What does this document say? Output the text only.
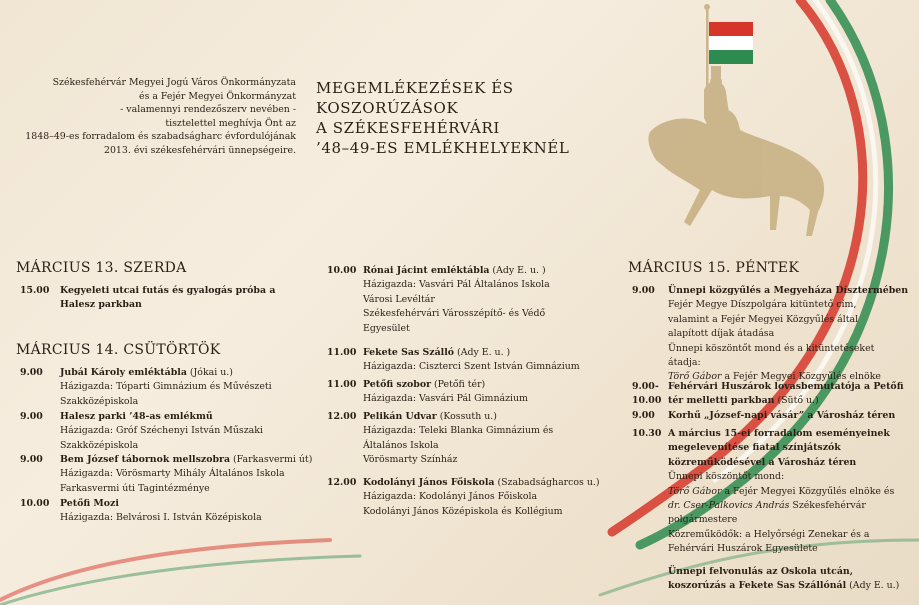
Székesfehérvár Megyei Jogú Város Önkormányzata
és a Fejér Megyei Önkormányzat
- valamennyi rendezőszerv nevében -
tisztelettel meghívja Önt az
1848–49-es forradalom és szabadságharc évfordulójának
2013. évi székesfehérvári ünnepségeire.
MEGEMLÉKEZÉSEK ÉS
KOSZORÚZÁSOK
A SZÉKESFEHÉRVÁRI
’48–49-ES EMLÉKHELYEKNÉL
MÁRCIUS 13. SZERDA
15.00 Kegyeleti utcai futás és gyalogás próba a
Halesz parkban
MÁRCIUS 14. CSÜTÖRTÖK
9.00 Jubál Károly emléktábla (Jókai u.)
Házigazda: Tóparti Gimnázium és Művészeti
Szakközépiskola
9.00 Halesz parki ’48-as emlékmű
Házigazda: Gróf Széchenyi István Műszaki
Szakközépiskola
9.00 Bem József tábornok mellszobra (Farkasvermi út)
Házigazda: Vörösmarty Mihály Általános Iskola
Farkasvermi úti Tagintézménye
10.00 Petőfi Mozi
Házigazda: Belvárosi I. István Középiskola
10.00 Rónai Jácint emléktábla (Ady E. u. )
Házigazda: Vasvári Pál Általános Iskola
Városi Levéltár
Székesfehérvári Városszépítő- és Védő
Egyesület
11.00 Fekete Sas Szálló (Ady E. u. )
Házigazda: Ciszterci Szent István Gimnázium
11.00 Petőfi szobor (Petőfi tér)
Házigazda: Vasvári Pál Gimnázium
12.00 Pelikán Udvar (Kossuth u.)
Házigazda: Teleki Blanka Gimnázium és
Általános Iskola
Vörösmarty Színház
12.00 Kodolányi János Főiskola (Szabadságharcos u.)
Házigazda: Kodolányi János Főiskola
Kodolányi János Középiskola és Kollégium
MÁRCIUS 15. PÉNTEK
9.00 Ünnepi közgyűlés a Megyeháza Dísztermében
Fejér Megye Díszpolgára kitüntető cím,
valamint a Fejér Megyei Közgyűlés által
alapított díjak átadása
Ünnepi köszöntőt mond és a kitüntetéseket
átadja:
Törő Gábor a Fejér Megyei Közgyűlés elnöke
9.00-
10.00
Fehérvári Huszárok lovasbemutatója a Petőfi
tér melletti parkban (Sütő u.)
9.00 Korhű „József-napi vásár” a Városház téren
10.30 A március 15-ei forradalom eseményeinek
megelevenítése fiatal színjátszók
közreműködésével a Városház téren
Ünnepi köszöntőt mond:
Törő Gábor a Fejér Megyei Közgyűlés elnöke és
dr. Cser-Palkovics András Székesfehérvár
polgármestere
Közreműködők: a Helyőrségi Zenekar és a
Fehérvári Huszárok Egyesülete

Ünnepi felvonulás az Oskola utcán,
koszorúzás a Fekete Sas Szállónál (Ady E. u.)
